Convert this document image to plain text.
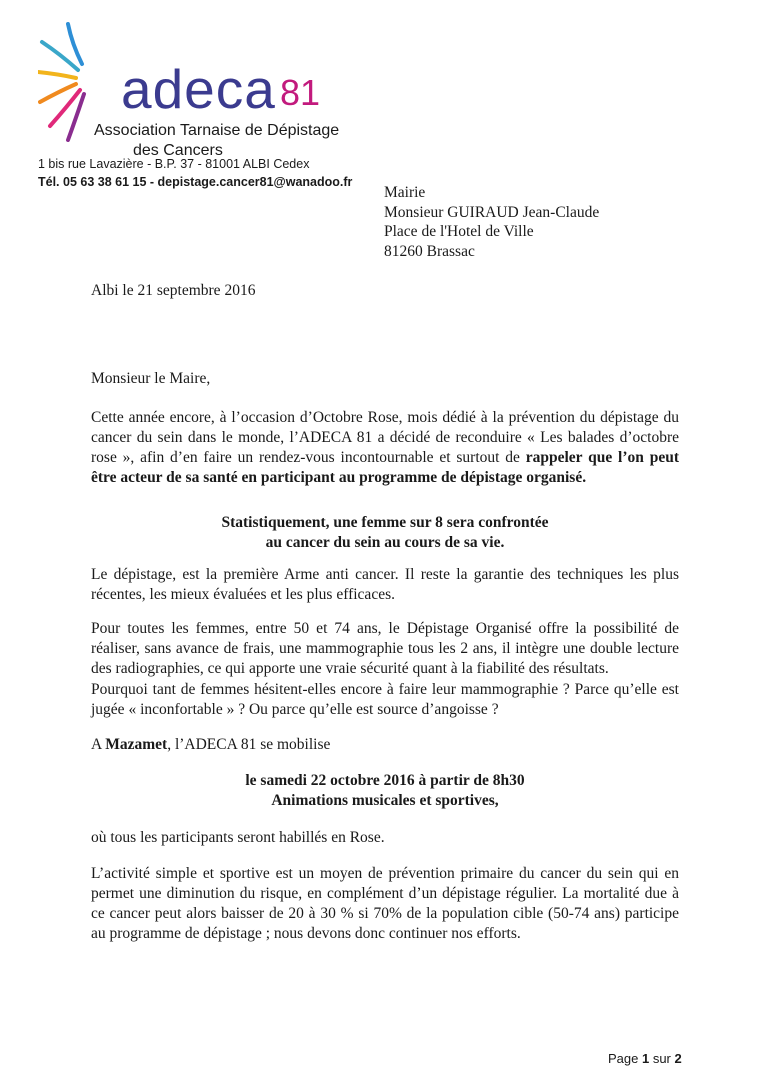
adeca 81
Association Tarnaise de Dépistage
des Cancers
1 bis rue Lavazière - B.P. 37 - 81001 ALBI Cedex
Tél. 05 63 38 61 15 - depistage.cancer81@wanadoo.fr
Mairie
Monsieur GUIRAUD Jean-Claude
Place de l'Hotel de Ville
81260 Brassac
Albi le 21 septembre 2016
Monsieur le Maire,
Cette année encore, à l’occasion d’Octobre Rose, mois dédié à la prévention du dépistage du cancer du sein dans le monde, l’ADECA 81 a décidé de reconduire « Les balades d’octobre rose », afin d’en faire un rendez-vous incontournable et surtout de rappeler que l’on peut être acteur de sa santé en participant au programme de dépistage organisé.
Statistiquement, une femme sur 8 sera confrontée
au cancer du sein au cours de sa vie.
Le dépistage, est la première Arme anti cancer. Il reste la garantie des techniques les plus récentes, les mieux évaluées et les plus efficaces.
Pour toutes les femmes, entre 50 et 74 ans, le Dépistage Organisé offre la possibilité de réaliser, sans avance de frais, une mammographie tous les 2 ans, il intègre une double lecture des radiographies, ce qui apporte une vraie sécurité quant à la fiabilité des résultats.
Pourquoi tant de femmes hésitent-elles encore à faire leur mammographie ? Parce qu’elle est jugée « inconfortable » ? Ou parce qu’elle est source d’angoisse ?
A Mazamet, l’ADECA 81 se mobilise
le samedi 22 octobre 2016 à partir de 8h30
Animations musicales et sportives,
où tous les participants seront habillés en Rose.
L’activité simple et sportive est un moyen de prévention primaire du cancer du sein qui en permet une diminution du risque, en complément d’un dépistage régulier. La mortalité due à ce cancer peut alors baisser de 20 à 30 % si 70% de la population cible (50-74 ans) participe au programme de dépistage ; nous devons donc continuer nos efforts.
Page 1 sur 2
